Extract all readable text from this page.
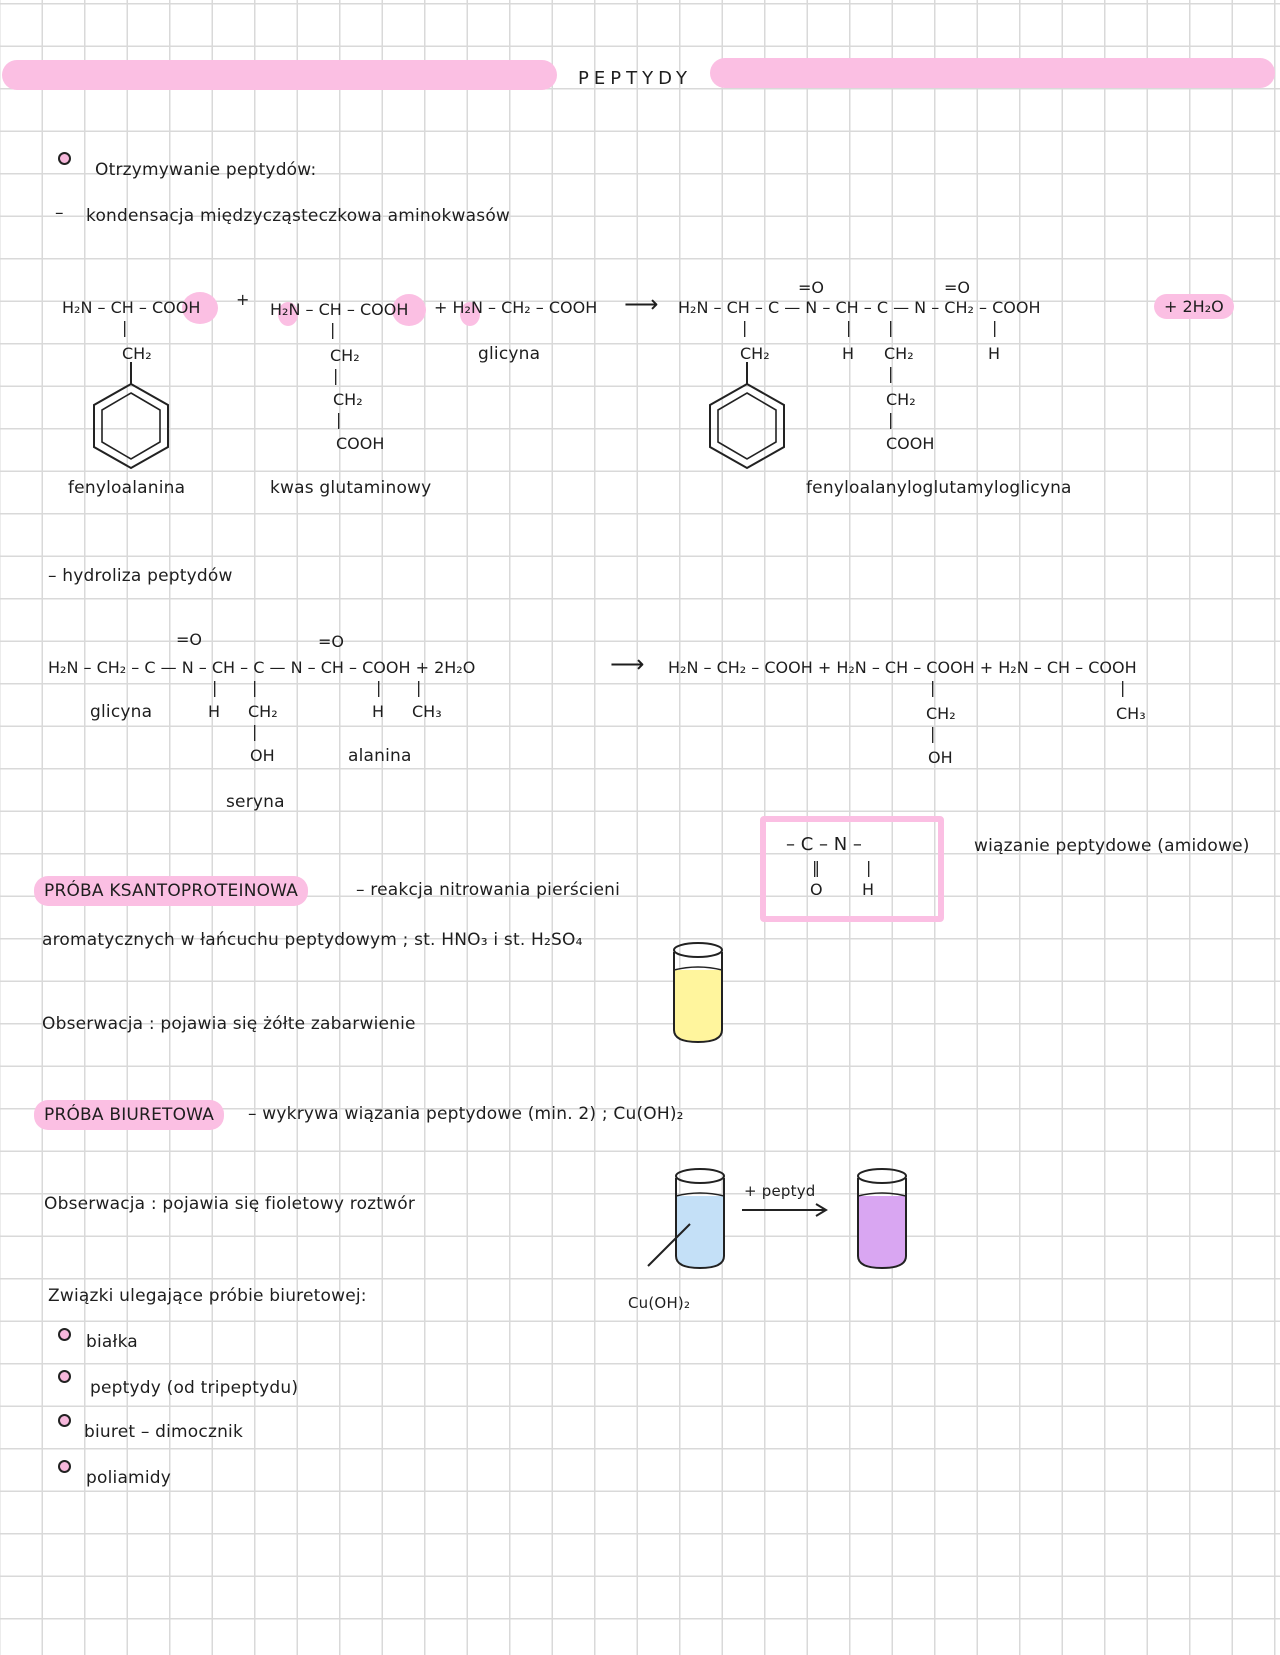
PEPTYDY
Otrzymywanie peptydów:
– kondensacja międzycząsteczkowa aminokwasów
H₂N – CH – COOH
|
CH₂
fenyloalanina
+
H₂N – CH – COOH
|
CH₂
|
CH₂
|
COOH
kwas glutaminowy
+ H₂N – CH₂ – COOH
glicyna
⟶
=O	=O
H₂N – CH – C — N – CH – C — N – CH₂ – COOH	+ 2H₂O
|
CH₂
|
H
|
CH₂
|
CH₂
|
COOH
|
H
fenyloalanyloglutamyloglicyna
– hydroliza peptydów
=O	=O
H₂N – CH₂ – C — N – CH – C — N – CH – COOH + 2H₂O
glicyna
|
H
|
CH₂
|
OH
seryna
|
H
|
CH₃
alanina
⟶ H₂N – CH₂ – COOH + H₂N – CH – COOH + H₂N – CH – COOH
|
CH₂
|
OH
|
CH₃
– C – N –
‖	|
O H
wiązanie peptydowe (amidowe)
PRÓBA KSANTOPROTEINOWA	– reakcja nitrowania pierścieni
aromatycznych w łańcuchu peptydowym ; st. HNO₃ i st. H₂SO₄
Obserwacja : pojawia się żółte zabarwienie
PRÓBA BIURETOWA	– wykrywa wiązania peptydowe (min. 2) ; Cu(OH)₂
Obserwacja : pojawia się fioletowy roztwór
Cu(OH)₂
+ peptyd
Związki ulegające próbie biuretowej:
białka
peptydy (od tripeptydu)
biuret – dimocznik
poliamidy
